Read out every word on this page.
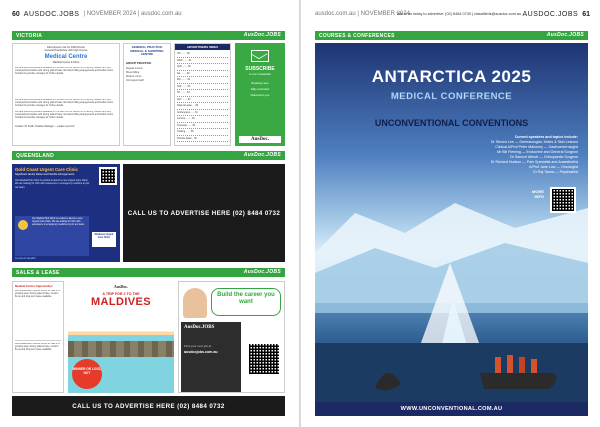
60 AUSDOC.JOBS | NOVEMBER 2024 | ausdoc.com.au
VICTORIA	AusDoc.JOBS
Recruitment now for 2025 Doctor
General Practitioner with high income
Medical Centre
Medical Centre & More
Full and part-time positions available for VR and non-VR doctors in a friendly, modern and fully computerised practice with strong patient base. Excellent billing arrangements and flexible hours. Contact the practice manager for further details.
Full and part-time positions available for VR and non-VR doctors in a friendly, modern and fully computerised practice with strong patient base. Excellent billing arrangements and flexible hours. Contact the practice manager for further details.
Full and part-time positions available for VR and non-VR doctors in a friendly, modern and fully computerised practice with strong patient base. Excellent billing arrangements and flexible hours. Contact the practice manager for further details.
Contact: Dr Smith, Practice Manager — please send CV
GENERAL PRACTICE MEDICAL & SHOPPING CENTRE
GROUP PRACTICE
Regular income
Mixed billing
Modern rooms
Full support staff
ADVERTISERS INDEX
VIC ........ 60
NSW ........ 61
QLD ........ 60
SA ......... 62
WA ......... 62
TAS ........ 63
NT ......... 63
ACT ........ 63
Sales & Lease .... 60
Conferences ...... 61
Locums ......... 64
Overseas ....... 64
Training ....... 65
Practice Sales .. 65
SUBSCRIBE
to our newsletter
Breaking news
Daily email alert
Delivered to you
AusDoc.
QUEENSLAND	AusDoc.JOBS
Gold Coast Urgent Care Clinic
Significant Hourly Rates and Flexible Arrangements
Our Medical Hub Clinic is excited to launch a new Urgent Care Clinic. We are looking for GPs with experience in emergency medicine to join our team.
Our Medical Hub Clinic is excited to launch a new Urgent Care Clinic. We are looking for GPs with experience in emergency medicine to join our team.
Medicare Urgent Care Clinic
Connect Health
CALL US TO ADVERTISE HERE (02) 8484 0732
SALES & LEASE	AusDoc.JOBS
Medical Centre Opportunity!
Well established medical centre for sale in a growing area. Strong patient base, modern fit-out and long-term lease available.
Well established medical centre for sale in a growing area. Strong patient base, modern fit-out and long-term lease available.
AusDoc.
A TRIP FOR 2 TO THE
MALDIVES
WINNER OR LOSS, NOT
Build the career you want
AusDoc.JOBS
Find your next job at
ausdocjobs.com.au
CALL US TO ADVERTISE HERE (02) 8484 0732
ausdoc.com.au | NOVEMBER 2024
Talk to us today to advertise: (02) 8484 0739 | classifieds@ausdoc.com.au AUSDOC.JOBS 61
COURSES & CONFERENCES	AusDoc.JOBS
ANTARCTICA 2025
MEDICAL CONFERENCE
UNCONVENTIONAL CONVENTIONS
Current speakers and topics include:
Dr Steven Lee — Dermatologist, Moles & Skin Lesions
Clinical A/Prof Peter Mahoney — Gastroenterologist
Mr Bill Fleming — Endocrine and General Surgeon
Dr Samuel Abbott — Orthopaedic Surgeon
Dr Richard Hudson — Pain Specialist and Anaesthetist
A/Prof Jane Low — Oncologist
Dr Raj Tanna — Psychiatrist
MORE INFO
WWW.UNCONVENTIONAL.COM.AU
